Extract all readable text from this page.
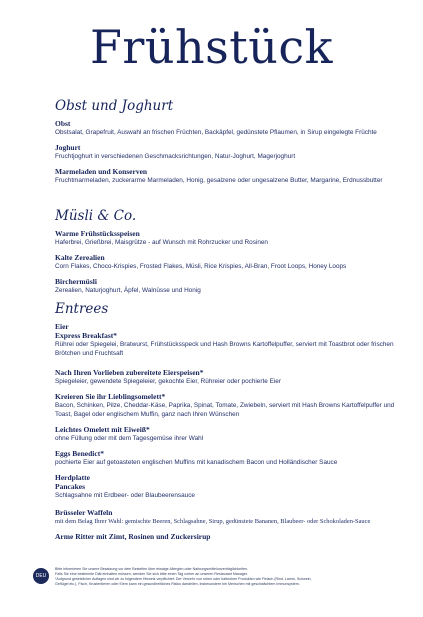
Frühstück
Obst und Joghurt
Obst
Obstsalat, Grapefruit, Auswahl an frischen Früchten, Backäpfel, gedünstete Pflaumen, in Sirup eingelegte Früchte
Joghurt
Fruchtjoghurt in verschiedenen Geschmacksrichtungen, Natur-Joghurt, Magerjoghurt
Marmeladen und Konserven
Fruchtmarmeladen, zuckerarme Marmeladen, Honig, gesalzene oder ungesalzene Butter, Margarine, Erdnussbutter
Müsli & Co.
Warme Frühstücksspeisen
Haferbrei, Grießbrei, Maisgrütze - auf Wunsch mit Rohrzucker und Rosinen
Kalte Zerealien
Corn Flakes, Choco-Krispies, Frosted Flakes, Müsli, Rice Krispies, All-Bran, Froot Loops, Honey Loops
Birchermüsli
Zerealien, Naturjoghurt, Äpfel, Walnüsse und Honig
Entrees
Eier
Express Breakfast*
Rührei oder Spiegelei, Bratwurst, Frühstücksspeck und Hash Browns Kartoffelpuffer, serviert mit Toastbrot oder frischen Brötchen und Fruchtsaft
Nach Ihren Vorlieben zubereitete Eierspeisen*
Spiegeleier, gewendete Spiegeleier, gekochte Eier, Rühreier oder pochierte Eier
Kreieren Sie ihr Lieblingsomelett*
Bacon, Schinken, Pilze, Cheddar-Käse, Paprika, Spinat, Tomate, Zwiebeln, serviert mit Hash Browns Kartoffelpuffer und Toast, Bagel oder englischem Muffin, ganz nach Ihren Wünschen
Leichtes Omelett mit Eiweiß*
ohne Füllung oder mit dem Tagesgemüse ihrer Wahl
Eggs Benedict*
pochierte Eier auf getoasteten englischen Muffins mit kanadischem Bacon und Holländischer Sauce
Herdplatte
Pancakes
Schlagsahne mit Erdbeer- oder Blaubeerensauce
Brüsseler Waffeln
mit dem Belag Ihrer Wahl: gemischte Beeren, Schlagsahne, Sirup, gedünstete Bananen, Blaubeer- oder Schokoladen-Sauce
Arme Ritter mit Zimt, Rosinen und Zuckersirup
DEU
Bitte informieren Sie unsere Besatzung vor dem Bestellen über etwaige Allergien oder Nahrungsmittelunverträglichkeiten.
Falls Sie eine bestimmte Diät einhalten müssen, wenden Sie sich bitte einen Tag vorher an unseren Restaurant Manager.
*Aufgrund gesetzlicher Auflagen sind wir zu folgendem Hinweis verpflichtet: Der Verzehr von rohen oder halbrohen Produkten wie Fleisch (Rind, Lamm, Schwein,
Geflügel etc.), Fisch, Krustentieren oder Eiern kann ein gesundheitliches Risiko darstellen, insbesondere bei Menschen mit geschwächtem Immunsystem.
